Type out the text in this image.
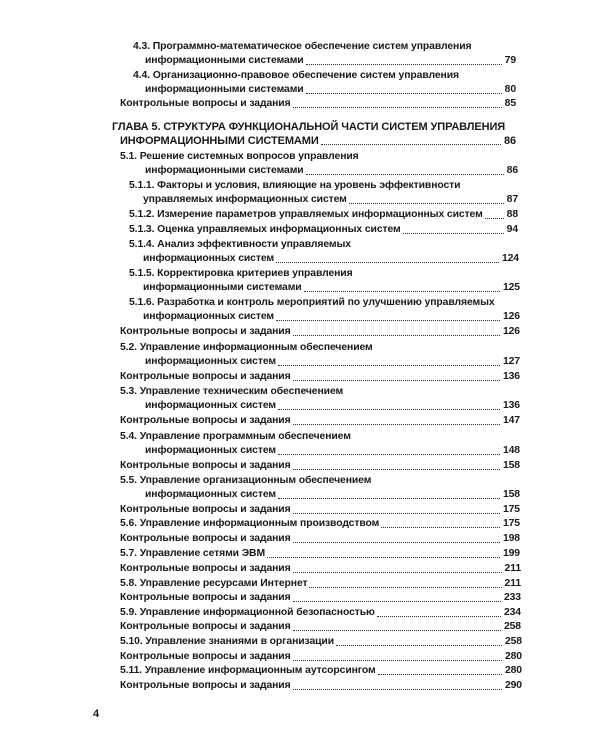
4.3. Программно-математическое обеспечение систем управления
информационными системами	79
4.4. Организационно-правовое обеспечение систем управления
информационными системами	80
Контрольные вопросы и задания	85
ГЛАВА 5. СТРУКТУРА ФУНКЦИОНАЛЬНОЙ ЧАСТИ СИСТЕМ УПРАВЛЕНИЯ
ИНФОРМАЦИОННЫМИ СИСТЕМАМИ	86
5.1. Решение системных вопросов управления
информационными системами	86
5.1.1. Факторы и условия, влияющие на уровень эффективности
управляемых информационных систем	87
5.1.2. Измерение параметров управляемых информационных систем 88
5.1.3. Оценка управляемых информационных систем	94
5.1.4. Анализ эффективности управляемых
информационных систем	124
5.1.5. Корректировка критериев управления
информационными системами	125
5.1.6. Разработка и контроль мероприятий по улучшению управляемых
информационных систем	126
Контрольные вопросы и задания	126
5.2. Управление информационным обеспечением
информационных систем	127
Контрольные вопросы и задания	136
5.3. Управление техническим обеспечением
информационных систем	136
Контрольные вопросы и задания	147
5.4. Управление программным обеспечением
информационных систем	148
Контрольные вопросы и задания	158
5.5. Управление организационным обеспечением
информационных систем	158
Контрольные вопросы и задания	175
5.6. Управление информационным производством	175
Контрольные вопросы и задания	198
5.7. Управление сетями ЭВМ	199
Контрольные вопросы и задания	211
5.8. Управление ресурсами Интернет	211
Контрольные вопросы и задания	233
5.9. Управление информационной безопасностью	234
Контрольные вопросы и задания	258
5.10. Управление знаниями в организации	258
Контрольные вопросы и задания	280
5.11. Управление информационным аутсорсингом	280
Контрольные вопросы и задания	290
4
